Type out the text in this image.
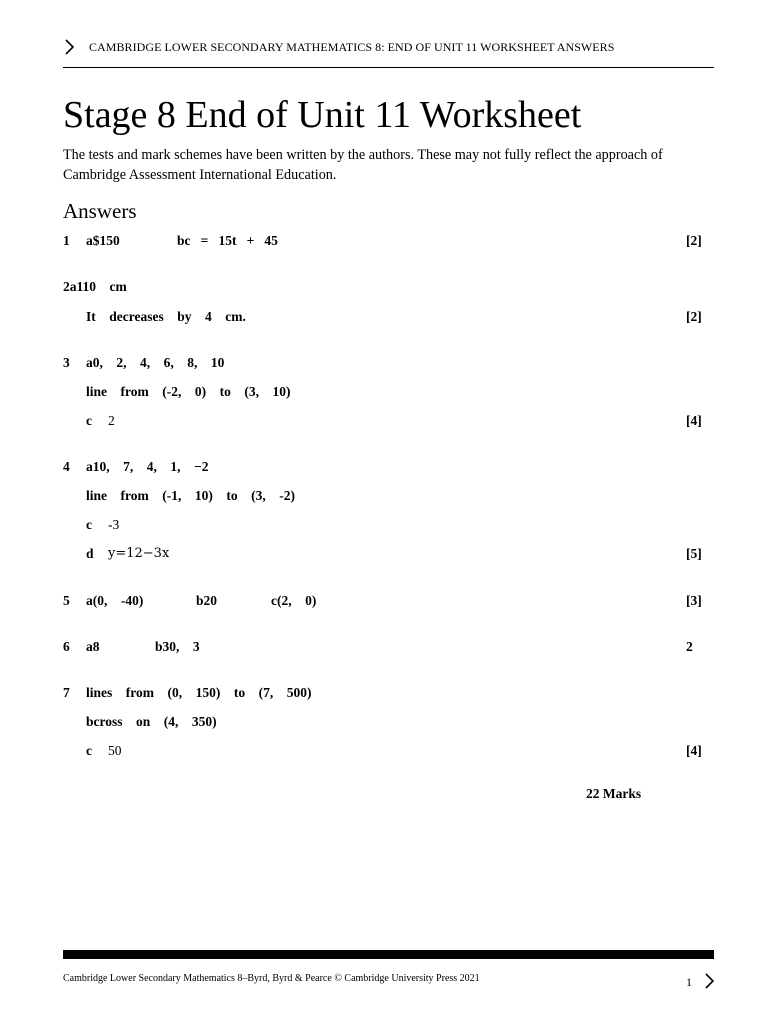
CAMBRIDGE LOWER SECONDARY MATHEMATICS 8: END OF UNIT 11 WORKSHEET ANSWERS
Stage 8 End of Unit 11 Worksheet
The tests and mark schemes have been written by the authors. These may not fully reflect the approach of Cambridge Assessment International Education.
Answers
1 a$150	bc   =   15t   +   45	[2]
2a110    cm
It    decreases    by    4    cm.	[2]
3 a0,    2,    4,    6,    8,    10
line    from    (-2,    0)    to    (3,    10)
c 2	[4]
4 a10,    7,    4,    1,    −2
line    from    (-1,    10)    to    (3,    -2)
c -3
d y=12−3x	[5]
5 a(0,    -40)	b20	c(2,    0)	[3]
6 a8	b30,    3	2
7 lines    from    (0,    150)    to    (7,    500)
bcross    on    (4,    350)
c 50	[4]
22 Marks
Cambridge Lower Secondary Mathematics 8–Byrd, Byrd & Pearce © Cambridge University Press 2021	1
